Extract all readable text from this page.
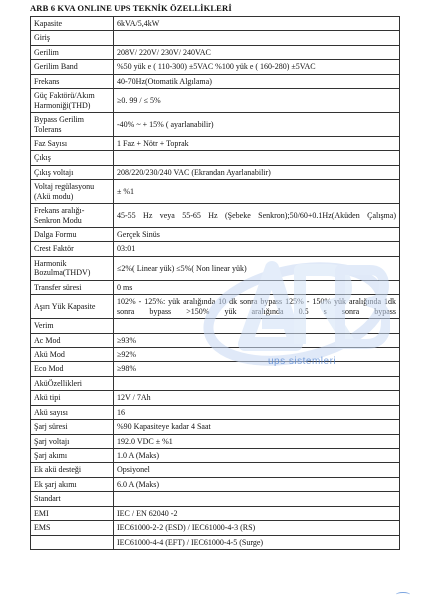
ARB 6 KVA ONLINE UPS TEKNİK ÖZELLİKLERİ
Kapasite	6kVA/5,4kW
Giriş	
Gerilim	208V/ 220V/ 230V/ 240VAC
Gerilim Band	%50 yük e ( 110-300) ±5VAC %100 yük e ( 160-280) ±5VAC
Frekans	40-70Hz(Otomatik Algılama)
Güç Faktörü/Akım Harmoniği(THD)	≥0. 99 / ≤ 5%
Bypass Gerilim Tolerans	-40% ~ + 15% ( ayarlanabilir)
Faz Sayısı	1 Faz + Nötr + Toprak
Çıkış	
Çıkış voltajı	208/220/230/240 VAC (Ekrandan Ayarlanabilir)
Voltaj regülasyonu (Akü modu)	± %1
Frekans aralığı-Senkron Modu	45-55 Hz veya 55-65 Hz (Şebeke Senkron);50/60+0.1Hz(Aküden Çalışma)
Dalga Formu	Gerçek Sinüs
Crest Faktör	03:01
Harmonik Bozulma(THDV)	≤2%( Linear yük) ≤5%( Non linear yük)
Transfer süresi	0 ms
Aşırı Yük Kapasite	102% - 125%: yük aralığında 10 dk sonra bypass 125% - 150% yük aralığında 1dk sonra bypass >150% yük aralığında 0.5 s sonra bypass
Verim	
Ac Mod	≥93%
Akü Mod	≥92%
Eco Mod	≥98%
AküÖzellikleri	
Akü tipi	12V / 7Ah
Akü sayısı	16
Şarj süresi	%90 Kapasiteye kadar 4 Saat
Şarj voltajı	192.0 VDC ± %1
Şarj akımı	1.0 A (Maks)
Ek akü desteği	Opsiyonel
Ek şarj akımı	6.0 A (Maks)
Standart	
EMI	IEC / EN 62040 -2
EMS	IEC61000-2-2 (ESD) / IEC61000-4-3 (RS)
	IEC61000-4-4 (EFT) / IEC61000-4-5 (Surge)
ups sistemleri
